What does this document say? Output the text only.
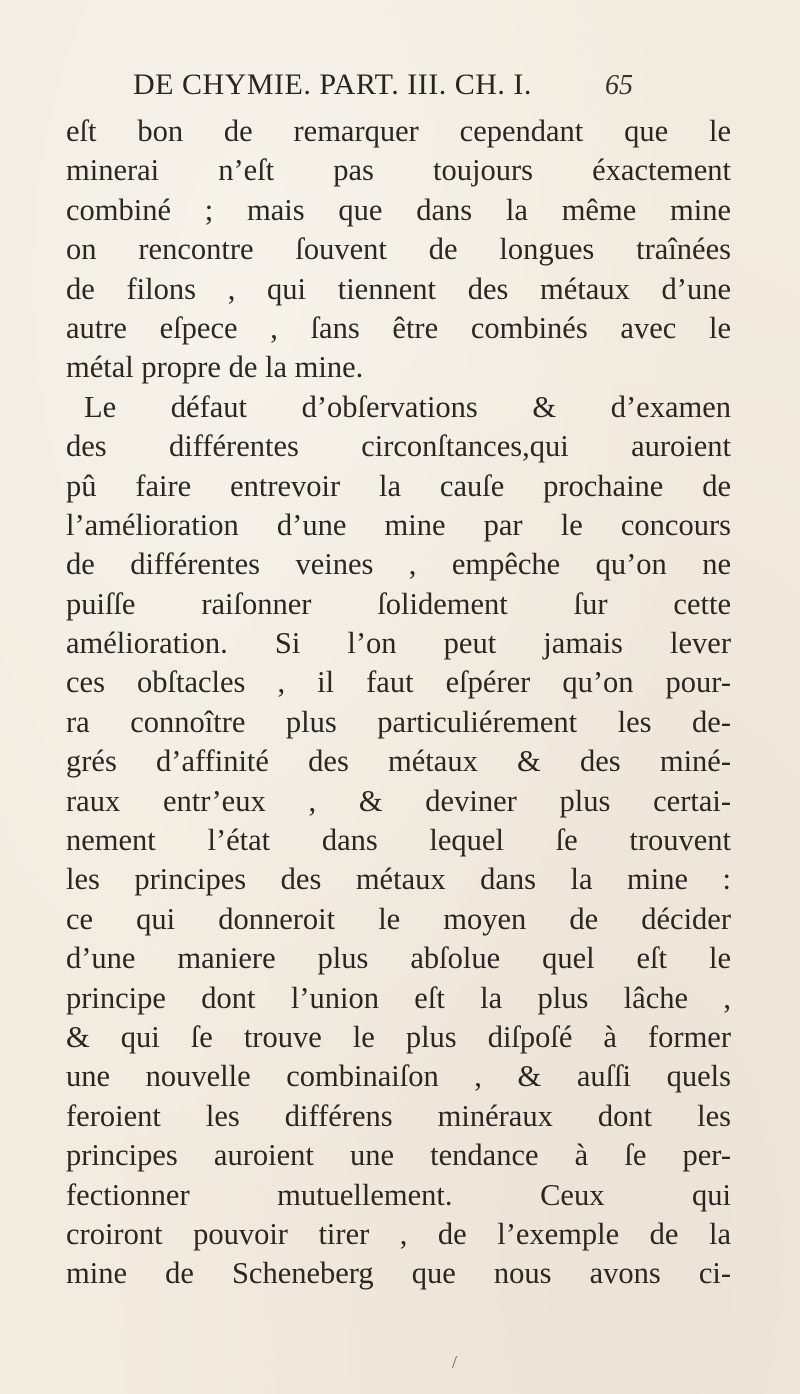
DE CHYMIE. PART. III. CH. I.	65
eſt bon de remarquer cependant que le
minerai n’eſt pas toujours éxactement
combiné ; mais que dans la même mine
on rencontre ſouvent de longues traînées
de filons , qui tiennent des métaux d’une
autre eſpece , ſans être combinés avec le
métal propre de la mine.
Le défaut d’obſervations & d’examen
des différentes circonſtances,qui auroient
pû faire entrevoir la cauſe prochaine de
l’amélioration d’une mine par le concours
de différentes veines , empêche qu’on ne
puiſſe raiſonner ſolidement ſur cette
amélioration. Si l’on peut jamais lever
ces obſtacles , il faut eſpérer qu’on pour-
ra connoître plus particuliérement les de-
grés d’affinité des métaux & des miné-
raux entr’eux , & deviner plus certai-
nement l’état dans lequel ſe trouvent
les principes des métaux dans la mine :
ce qui donneroit le moyen de décider
d’une maniere plus abſolue quel eſt le
principe dont l’union eſt la plus lâche ,
& qui ſe trouve le plus diſpoſé à former
une nouvelle combinaiſon , & auſſi quels
feroient les différens minéraux dont les
principes auroient une tendance à ſe per-
fectionner mutuellement. Ceux qui
croiront pouvoir tirer , de l’exemple de la
mine de Scheneberg que nous avons ci-
/
